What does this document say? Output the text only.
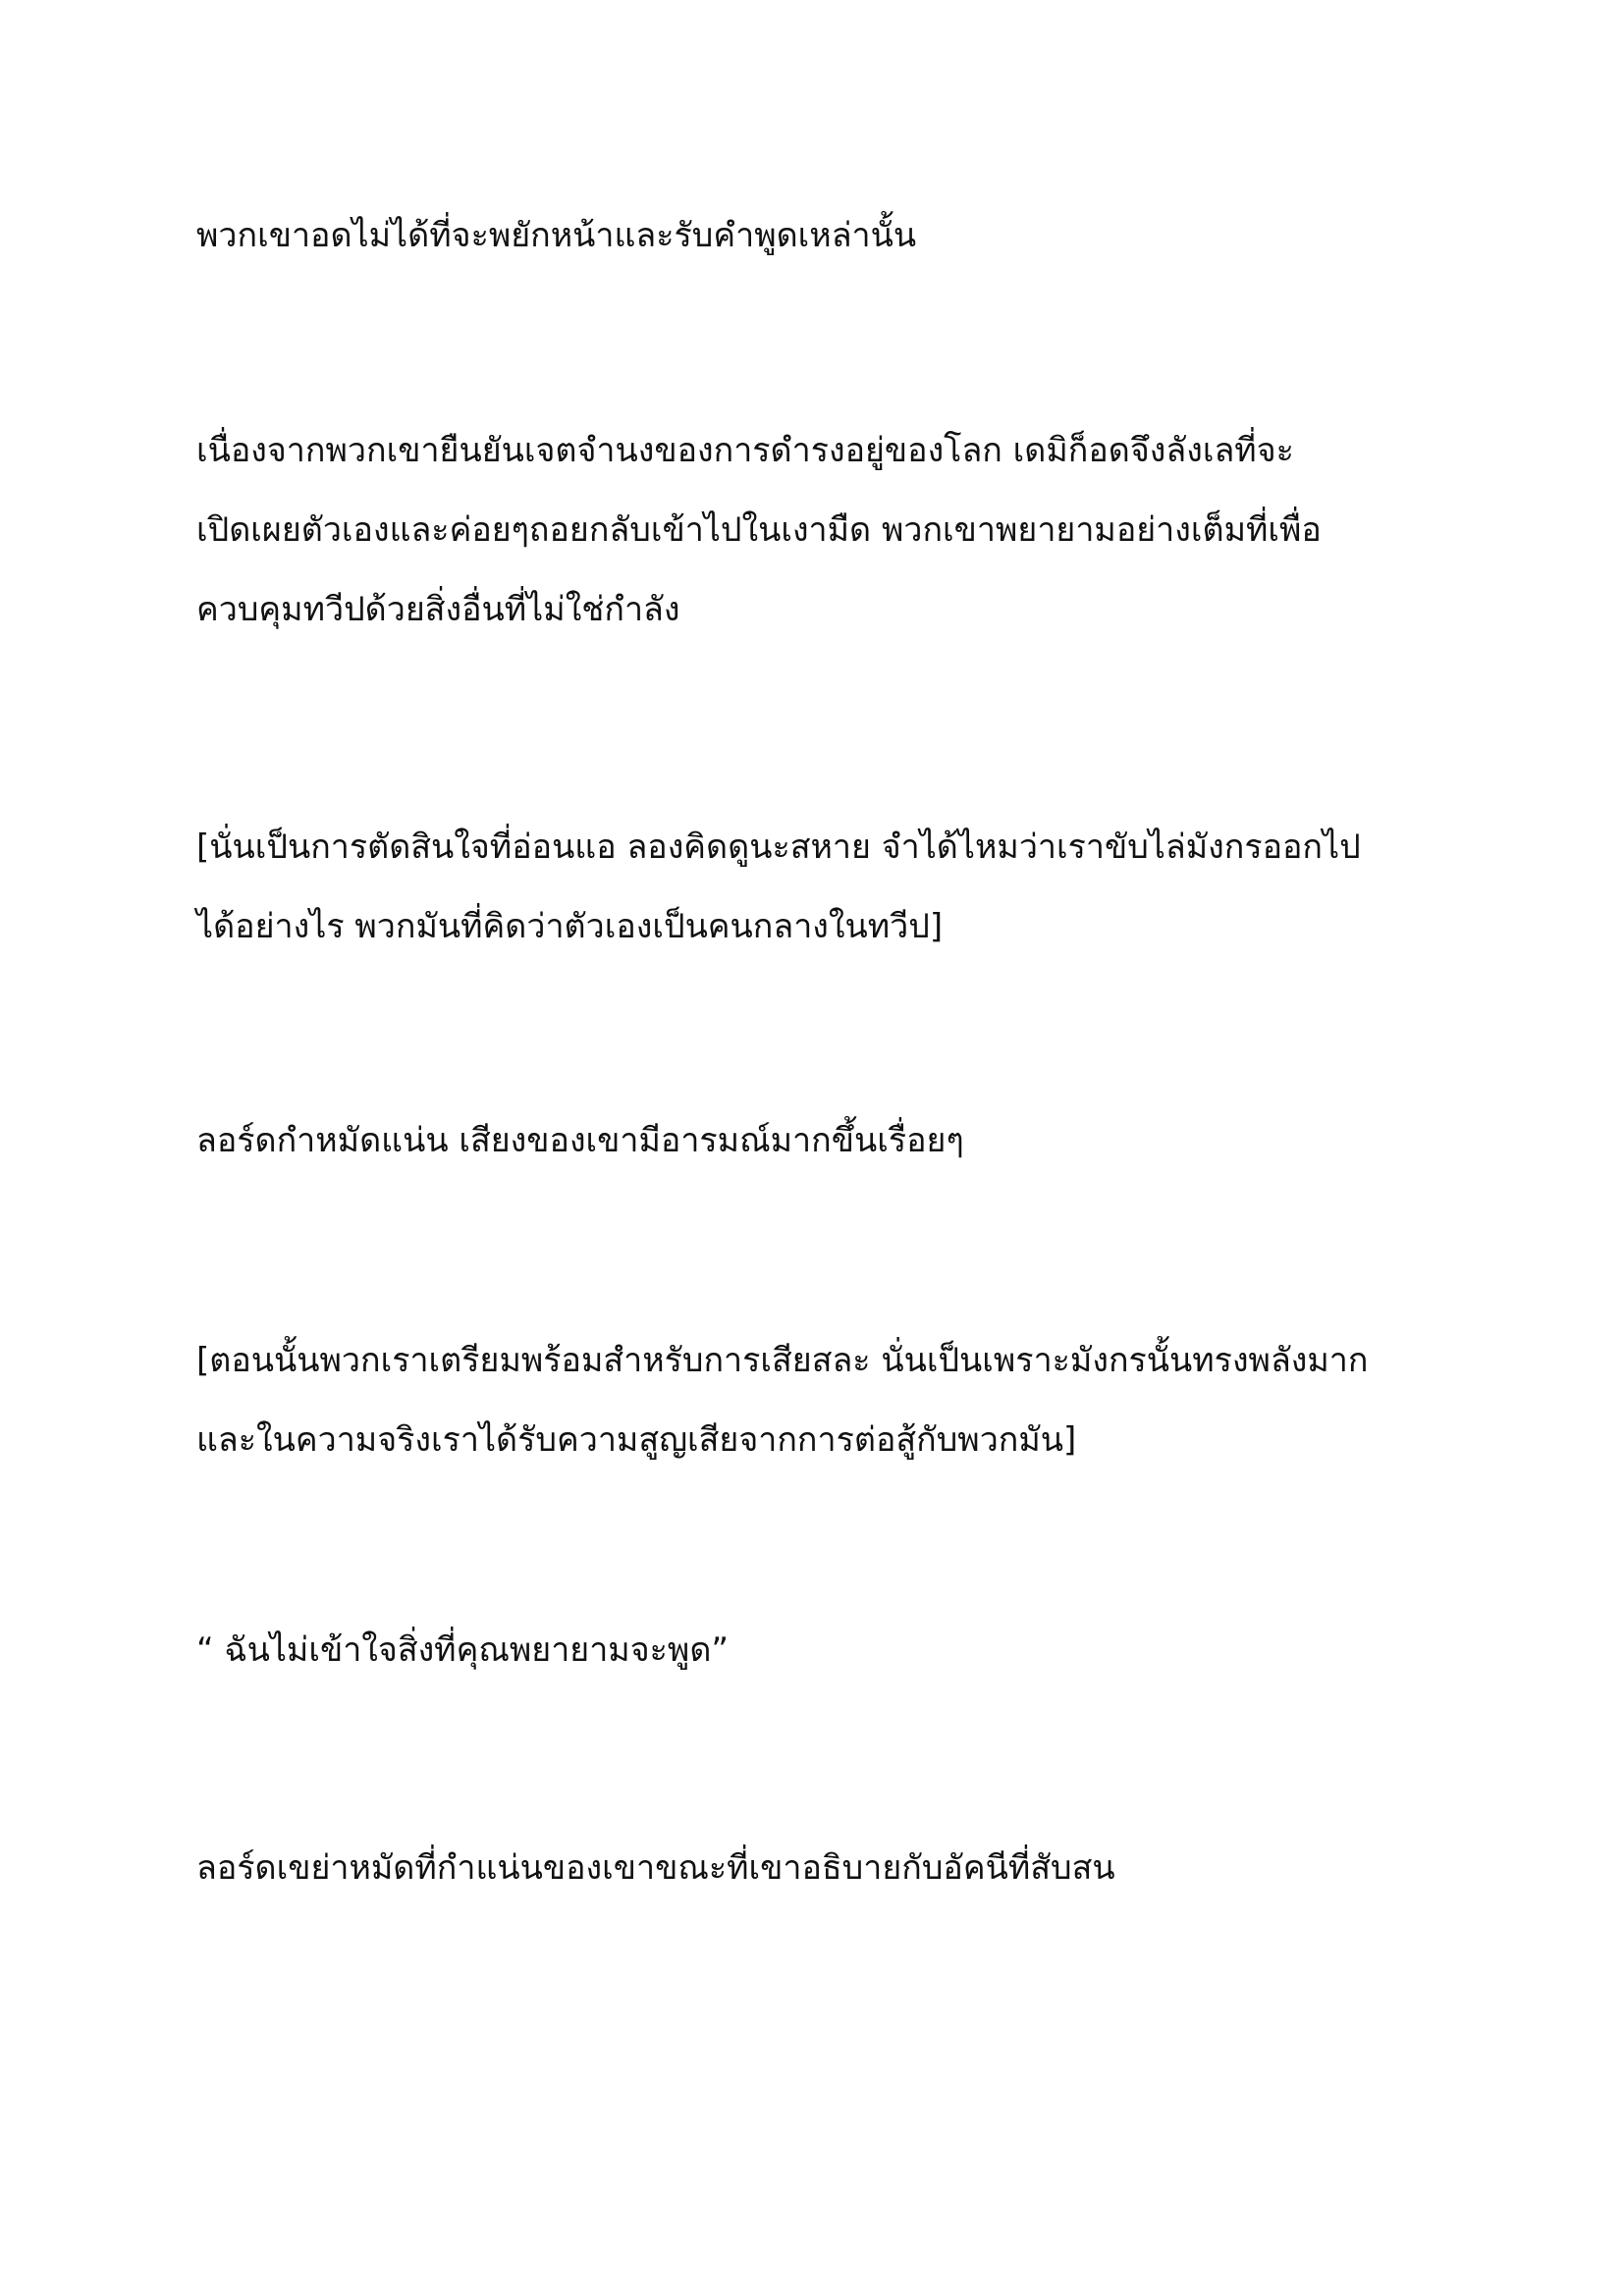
พวกเขาอดไม่ได้ที่จะพยักหน้าและรับคำพูดเหล่านั้น

เนื่องจากพวกเขายืนยันเจตจำนงของการดำรงอยู่ของโลก เดมิก็อดจึงลังเลที่จะ
เปิดเผยตัวเองและค่อยๆถอยกลับเข้าไปในเงามืด พวกเขาพยายามอย่างเต็มที่เพื่อ
ควบคุมทวีปด้วยสิ่งอื่นที่ไม่ใช่กำลัง

[นั่นเป็นการตัดสินใจที่อ่อนแอ ลองคิดดูนะสหาย จำได้ไหมว่าเราขับไล่มังกรออกไป
ได้อย่างไร พวกมันที่คิดว่าตัวเองเป็นคนกลางในทวีป]

ลอร์ดกำหมัดแน่น เสียงของเขามีอารมณ์มากขึ้นเรื่อยๆ

[ตอนนั้นพวกเราเตรียมพร้อมสำหรับการเสียสละ นั่นเป็นเพราะมังกรนั้นทรงพลังมาก
และในความจริงเราได้รับความสูญเสียจากการต่อสู้กับพวกมัน]

“ ฉันไม่เข้าใจสิ่งที่คุณพยายามจะพูด”

ลอร์ดเขย่าหมัดที่กำแน่นของเขาขณะที่เขาอธิบายกับอัคนีที่สับสน
